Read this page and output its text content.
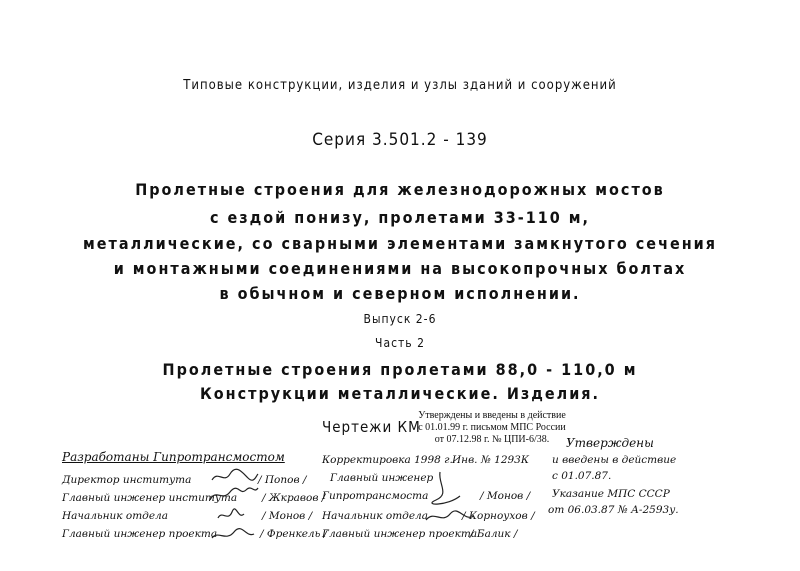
Типовые конструкции, изделия и узлы зданий и сооружений
Серия 3.501.2 - 139
Пролетные строения для железнодорожных мостов
с ездой понизу, пролетами 33-110 м,
металлические, со сварными элементами замкнутого сечения
и монтажными соединениями на высокопрочных болтах
в обычном и северном исполнении.
Выпуск 2-6
Часть 2
Пролетные строения пролетами 88,0 - 110,0 м
Конструкции металлические. Изделия.
Чертежи КМ
Утверждены и введены в действие
с 01.01.99 г. письмом МПС России
от 07.12.98 г. № ЦПИ-6/38.
Разработаны Гипротрансмостом
Директор института	/ Попов /
Главный инженер института / Жкравов /
Начальник отдела	/ Монов /
Главный инженер проекта	/ Френкель /
Корректировка 1998 г. Инв. № 1293К
Главный инженер
Гипротрансмоста	/ Монов /
Начальник отдела	/ Корноухов /
Главный инженер проекта
/ Балик /
Утверждены
и введены в действие
с 01.07.87.
Указание МПС СССР
от 06.03.87 № А-2593у.
